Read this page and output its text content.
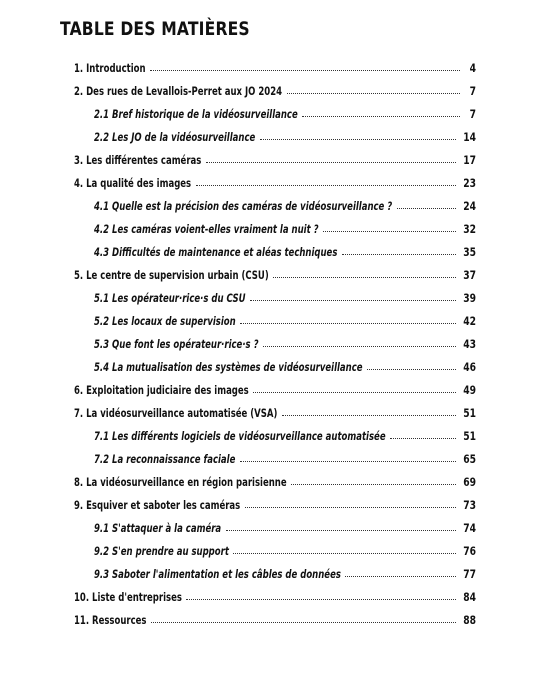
TABLE DES MATIÈRES
1. Introduction	4
2. Des rues de Levallois-Perret aux JO 2024	7
2.1 Bref historique de la vidéosurveillance	7
2.2 Les JO de la vidéosurveillance	14
3. Les différentes caméras	17
4. La qualité des images	23
4.1 Quelle est la précision des caméras de vidéosurveillance ?	24
4.2 Les caméras voient-elles vraiment la nuit ?	32
4.3 Difficultés de maintenance et aléas techniques	35
5. Le centre de supervision urbain (CSU)	37
5.1 Les opérateur·rice·s du CSU	39
5.2 Les locaux de supervision	42
5.3 Que font les opérateur·rice·s ?	43
5.4 La mutualisation des systèmes de vidéosurveillance	46
6. Exploitation judiciaire des images	49
7. La vidéosurveillance automatisée (VSA)	51
7.1 Les différents logiciels de vidéosurveillance automatisée	51
7.2 La reconnaissance faciale	65
8. La vidéosurveillance en région parisienne	69
9. Esquiver et saboter les caméras	73
9.1 S'attaquer à la caméra	74
9.2 S'en prendre au support	76
9.3 Saboter l'alimentation et les câbles de données	77
10. Liste d'entreprises	84
11. Ressources	88
